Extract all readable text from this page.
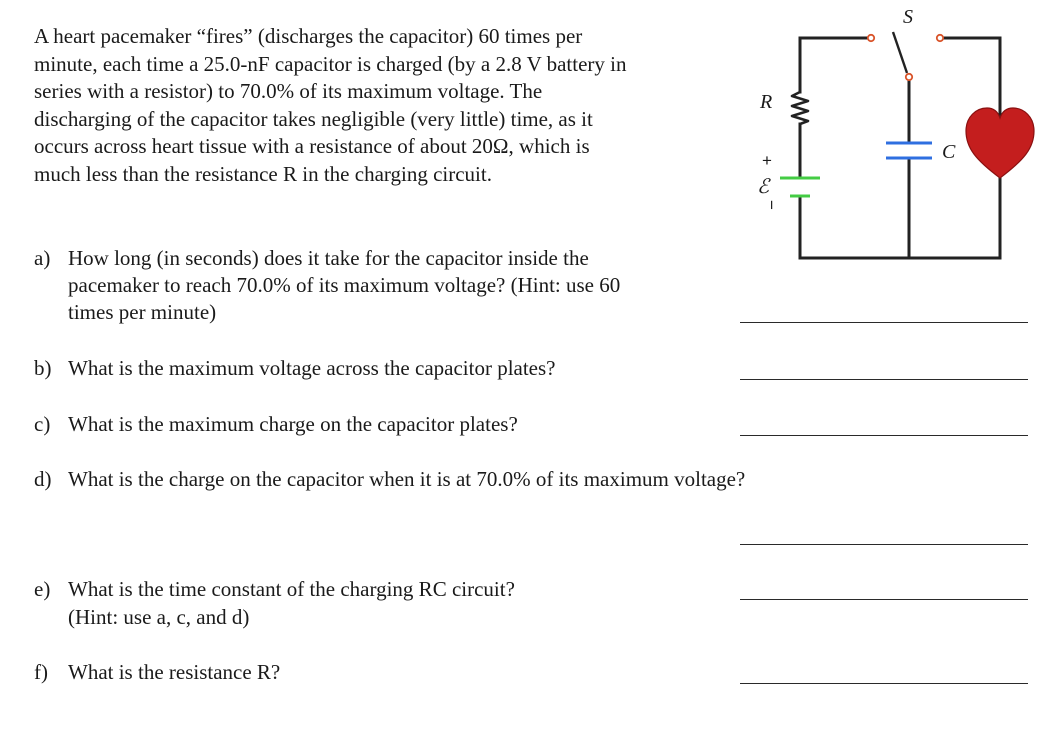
A heart pacemaker “fires” (discharges the capacitor) 60 times per
minute, each time a 25.0-nF capacitor is charged (by a 2.8 V battery in
series with a resistor) to 70.0% of its maximum voltage. The
discharging of the capacitor takes negligible (very little) time, as it
occurs across heart tissue with a resistance of about 20Ω, which is
much less than the resistance R in the charging circuit.
R
+
ℰ
−
S
C
a) How long (in seconds) does it take for the capacitor inside the
pacemaker to reach 70.0% of its maximum voltage? (Hint: use 60
times per minute)
b) What is the maximum voltage across the capacitor plates?
c) What is the maximum charge on the capacitor plates?
d) What is the charge on the capacitor when it is at 70.0% of its maximum voltage?
e) What is the time constant of the charging RC circuit?
(Hint: use a, c, and d)
f) What is the resistance R?
